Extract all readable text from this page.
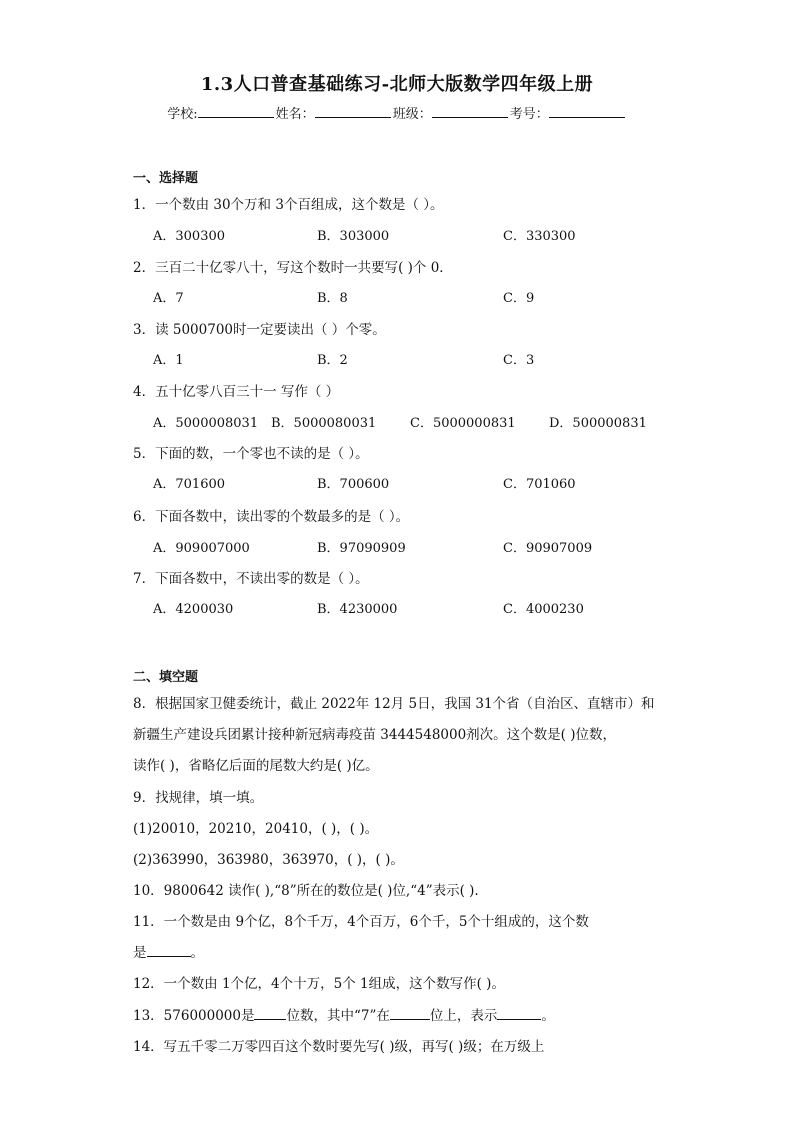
1.3人口普查基础练习-北师大版数学四年级上册
学校:	姓名：	班级：	考号：
一、选择题
1．一个数由 30个万和 3个百组成，这个数是（ ）。
A．300300	B．303000	C．330300
2．三百二十亿零八十，写这个数时一共要写( )个 0．
A．7	B．8	C．9
3．读 5000700时一定要读出（ ）个零。
A．1	B．2	C．3
4．五十亿零八百三十一 写作（ ）
A．5000008031 B．5000080031	C．5000000831	D．500000831
5．下面的数，一个零也不读的是（ ）。
A．701600	B．700600	C．701060
6．下面各数中，读出零的个数最多的是（ ）。
A．909007000	B．97090909	C．90907009
7．下面各数中，不读出零的数是（ ）。
A．4200030	B．4230000	C．4000230
二、填空题
8．根据国家卫健委统计，截止 2022年 12月 5日，我国 31个省（自治区、直辖市）和
新疆生产建设兵团累计接种新冠病毒疫苗 3444548000剂次。这个数是( )位数，
读作( )，省略亿后面的尾数大约是( )亿。
9．找规律，填一填。
(1)20010，20210，20410，( )，( )。
(2)363990，363980，363970，( )，( )。
10．9800642 读作( ),“8”所在的数位是( )位,“4”表示( ).
11．一个数是由 9个亿，8个千万，4个百万，6个千，5个十组成的，这个数
是	。
12．一个数由 1个亿，4个十万，5个 1组成，这个数写作( )。
13．576000000是 位数，其中“7”在	位上，表示	。
14．写五千零二万零四百这个数时要先写( )级，再写( )级；在万级上
